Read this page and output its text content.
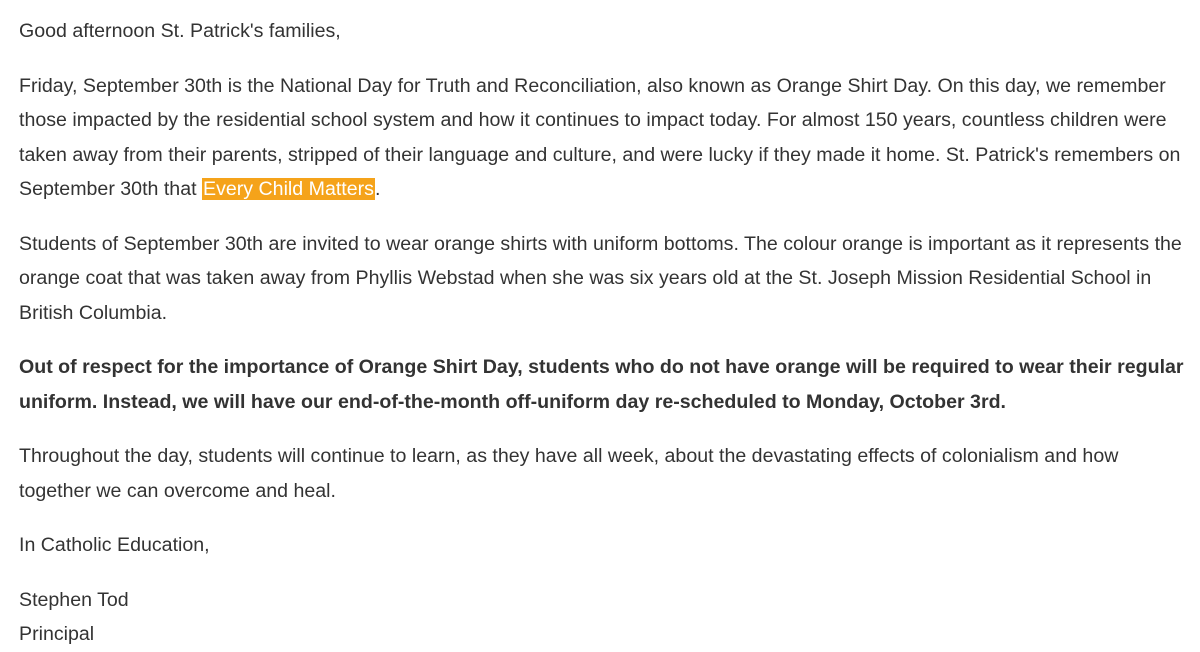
Good afternoon St. Patrick's families,

Friday, September 30th is the National Day for Truth and Reconciliation, also known as Orange Shirt Day. On this day, we remember those impacted by the residential school system and how it continues to impact today. For almost 150 years, countless children were taken away from their parents, stripped of their language and culture, and were lucky if they made it home. St. Patrick's remembers on September 30th that Every Child Matters.

Students of September 30th are invited to wear orange shirts with uniform bottoms. The colour orange is important as it represents the orange coat that was taken away from Phyllis Webstad when she was six years old at the St. Joseph Mission Residential School in British Columbia.

Out of respect for the importance of Orange Shirt Day, students who do not have orange will be required to wear their regular uniform. Instead, we will have our end-of-the-month off-uniform day re-scheduled to Monday, October 3rd.

Throughout the day, students will continue to learn, as they have all week, about the devastating effects of colonialism and how together we can overcome and heal.

In Catholic Education,

Stephen Tod
Principal
